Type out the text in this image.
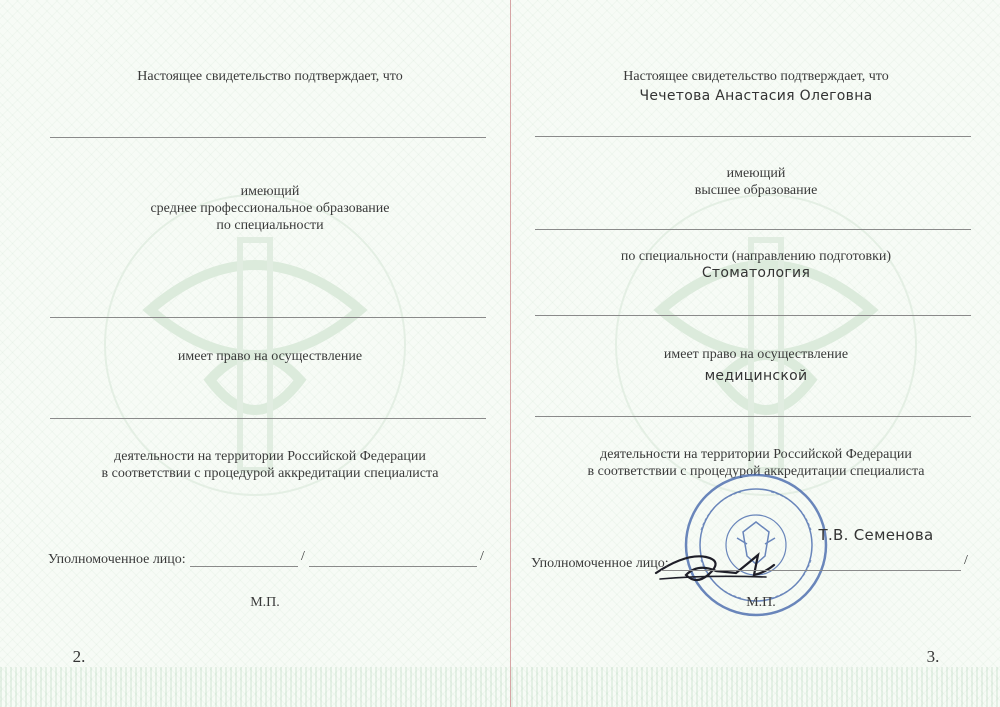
Настоящее свидетельство подтверждает, что
имеющий
среднее профессиональное образование
по специальности
имеет право на осуществление
деятельности на территории Российской Федерации
в соответствии с процедурой аккредитации специалиста
Уполномоченное лицо:	/	/
М.П.
2.
Настоящее свидетельство подтверждает, что
Чечетова Анастасия Олеговна
имеющий
высшее образование
по специальности (направлению подготовки)
Стоматология
имеет право на осуществление
медицинской
деятельности на территории Российской Федерации
в соответствии с процедурой аккредитации специалиста
Т.В. Семенова
Уполномоченное лицо:	/
М.П.
3.
